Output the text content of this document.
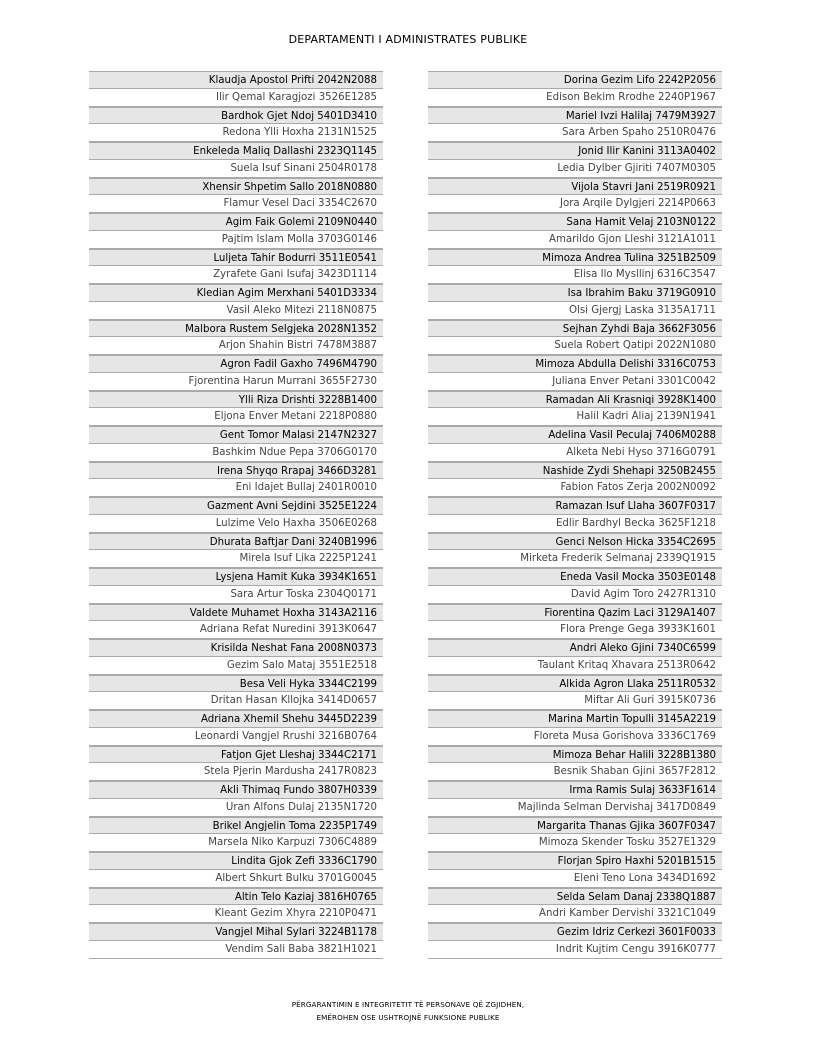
DEPARTAMENTI I ADMINISTRATES PUBLIKE
Klaudja Apostol Prifti 2042N2088
Ilir Qemal Karagjozi 3526E1285
Bardhok Gjet Ndoj 5401D3410
Redona Ylli Hoxha 2131N1525
Enkeleda Maliq Dallashi 2323Q1145
Suela Isuf Sinani 2504R0178
Xhensir Shpetim Sallo 2018N0880
Flamur Vesel Daci 3354C2670
Agim Faik Golemi 2109N0440
Pajtim Islam Molla 3703G0146
Luljeta Tahir Bodurri 3511E0541
Zyrafete Gani Isufaj 3423D1114
Kledian Agim Merxhani 5401D3334
Vasil Aleko Mitezi 2118N0875
Malbora Rustem Selgjeka 2028N1352
Arjon Shahin Bistri 7478M3887
Agron Fadil Gaxho 7496M4790
Fjorentina Harun Murrani 3655F2730
Ylli Riza Drishti 3228B1400
Eljona Enver Metani 2218P0880
Gent Tomor Malasi 2147N2327
Bashkim Ndue Pepa 3706G0170
Irena Shyqo Rrapaj 3466D3281
Eni Idajet Bullaj 2401R0010
Gazment Avni Sejdini 3525E1224
Lulzime Velo Haxha 3506E0268
Dhurata Baftjar Dani 3240B1996
Mirela Isuf Lika 2225P1241
Lysjena Hamit Kuka 3934K1651
Sara Artur Toska 2304Q0171
Valdete Muhamet Hoxha 3143A2116
Adriana Refat Nuredini 3913K0647
Krisilda Neshat Fana 2008N0373
Gezim Salo Mataj 3551E2518
Besa Veli Hyka 3344C2199
Dritan Hasan Kllojka 3414D0657
Adriana Xhemil Shehu 3445D2239
Leonardi Vangjel Rrushi 3216B0764
Fatjon Gjet Lleshaj 3344C2171
Stela Pjerin Mardusha 2417R0823
Akli Thimaq Fundo 3807H0339
Uran Alfons Dulaj 2135N1720
Brikel Angjelin Toma 2235P1749
Marsela Niko Karpuzi 7306C4889
Lindita Gjok Zefi 3336C1790
Albert Shkurt Bulku 3701G0045
Altin Telo Kaziaj 3816H0765
Kleant Gezim Xhyra 2210P0471
Vangjel Mihal Sylari 3224B1178
Vendim Sali Baba 3821H1021
Dorina Gezim Lifo 2242P2056
Edison Bekim Rrodhe 2240P1967
Mariel Ivzi Halilaj 7479M3927
Sara Arben Spaho 2510R0476
Jonid Ilir Kanini 3113A0402
Ledia Dylber Gjiriti 7407M0305
Vijola Stavri Jani 2519R0921
Jora Arqile Dylgjeri 2214P0663
Sana Hamit Velaj 2103N0122
Amarildo Gjon Lleshi 3121A1011
Mimoza Andrea Tulina 3251B2509
Elisa Ilo Mysllinj 6316C3547
Isa Ibrahim Baku 3719G0910
Olsi Gjergj Laska 3135A1711
Sejhan Zyhdi Baja 3662F3056
Suela Robert Qatipi 2022N1080
Mimoza Abdulla Delishi 3316C0753
Juliana Enver Petani 3301C0042
Ramadan Ali Krasniqi 3928K1400
Halil Kadri Aliaj 2139N1941
Adelina Vasil Peculaj 7406M0288
Alketa Nebi Hyso 3716G0791
Nashide Zydi Shehapi 3250B2455
Fabion Fatos Zerja 2002N0092
Ramazan Isuf Llaha 3607F0317
Edlir Bardhyl Becka 3625F1218
Genci Nelson Hicka 3354C2695
Mirketa Frederik Selmanaj 2339Q1915
Eneda Vasil Mocka 3503E0148
David Agim Toro 2427R1310
Fiorentina Qazim Laci 3129A1407
Flora Prenge Gega 3933K1601
Andri Aleko Gjini 7340C6599
Taulant Kritaq Xhavara 2513R0642
Alkida Agron Llaka 2511R0532
Miftar Ali Guri 3915K0736
Marina Martin Topulli 3145A2219
Floreta Musa Gorishova 3336C1769
Mimoza Behar Halili 3228B1380
Besnik Shaban Gjini 3657F2812
Irma Ramis Sulaj 3633F1614
Majlinda Selman Dervishaj 3417D0849
Margarita Thanas Gjika 3607F0347
Mimoza Skender Tosku 3527E1329
Florjan Spiro Haxhi 5201B1515
Eleni Teno Lona 3434D1692
Selda Selam Danaj 2338Q1887
Andri Kamber Dervishi 3321C1049
Gezim Idriz Cerkezi 3601F0033
Indrit Kujtim Cengu 3916K0777
PËRGARANTIMIN E INTEGRITETIT TË PERSONAVE QË ZGJIDHEN,
EMËROHEN OSE USHTROJNË FUNKSIONE PUBLIKE
